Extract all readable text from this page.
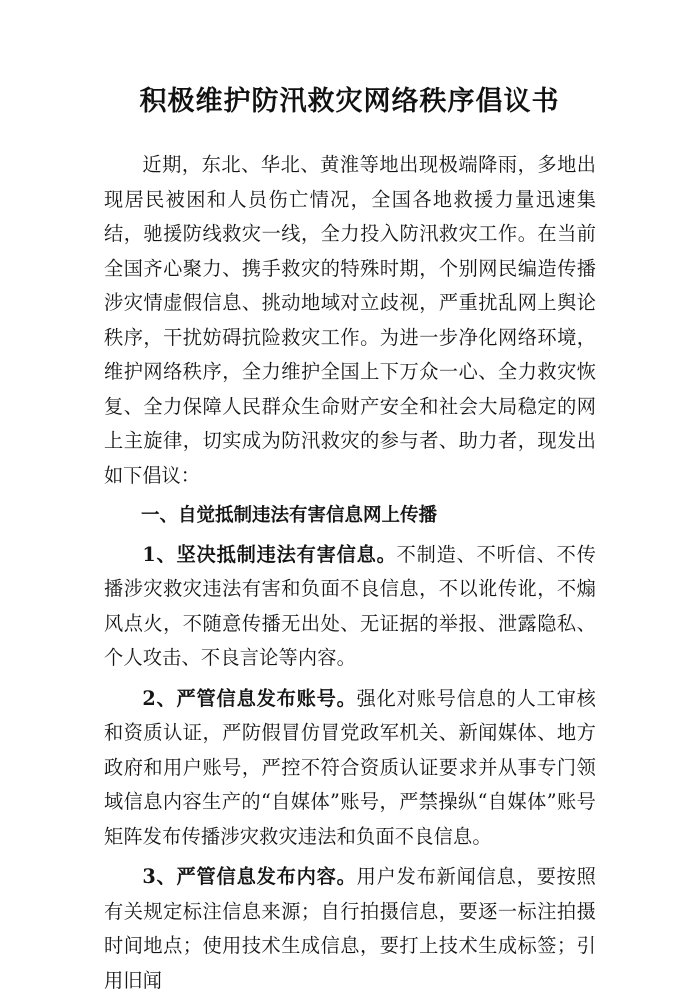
积极维护防汛救灾网络秩序倡议书

近期，东北、华北、黄淮等地出现极端降雨，多地出现居民被困和人员伤亡情况，全国各地救援力量迅速集结，驰援防线救灾一线，全力投入防汛救灾工作。在当前全国齐心聚力、携手救灾的特殊时期，个别网民编造传播涉灾情虚假信息、挑动地域对立歧视，严重扰乱网上舆论秩序，干扰妨碍抗险救灾工作。为进一步净化网络环境，维护网络秩序，全力维护全国上下万众一心、全力救灾恢复、全力保障人民群众生命财产安全和社会大局稳定的网上主旋律，切实成为防汛救灾的参与者、助力者，现发出如下倡议：

一、自觉抵制违法有害信息网上传播

1、坚决抵制违法有害信息。不制造、不听信、不传播涉灾救灾违法有害和负面不良信息，不以讹传讹，不煽风点火，不随意传播无出处、无证据的举报、泄露隐私、个人攻击、不良言论等内容。

2、严管信息发布账号。强化对账号信息的人工审核和资质认证，严防假冒仿冒党政军机关、新闻媒体、地方政府和用户账号，严控不符合资质认证要求并从事专门领域信息内容生产的“自媒体”账号，严禁操纵“自媒体”账号矩阵发布传播涉灾救灾违法和负面不良信息。

3、严管信息发布内容。用户发布新闻信息，要按照有关规定标注信息来源；自行拍摄信息，要逐一标注拍摄时间地点；使用技术生成信息，要打上技术生成标签；引用旧闻
